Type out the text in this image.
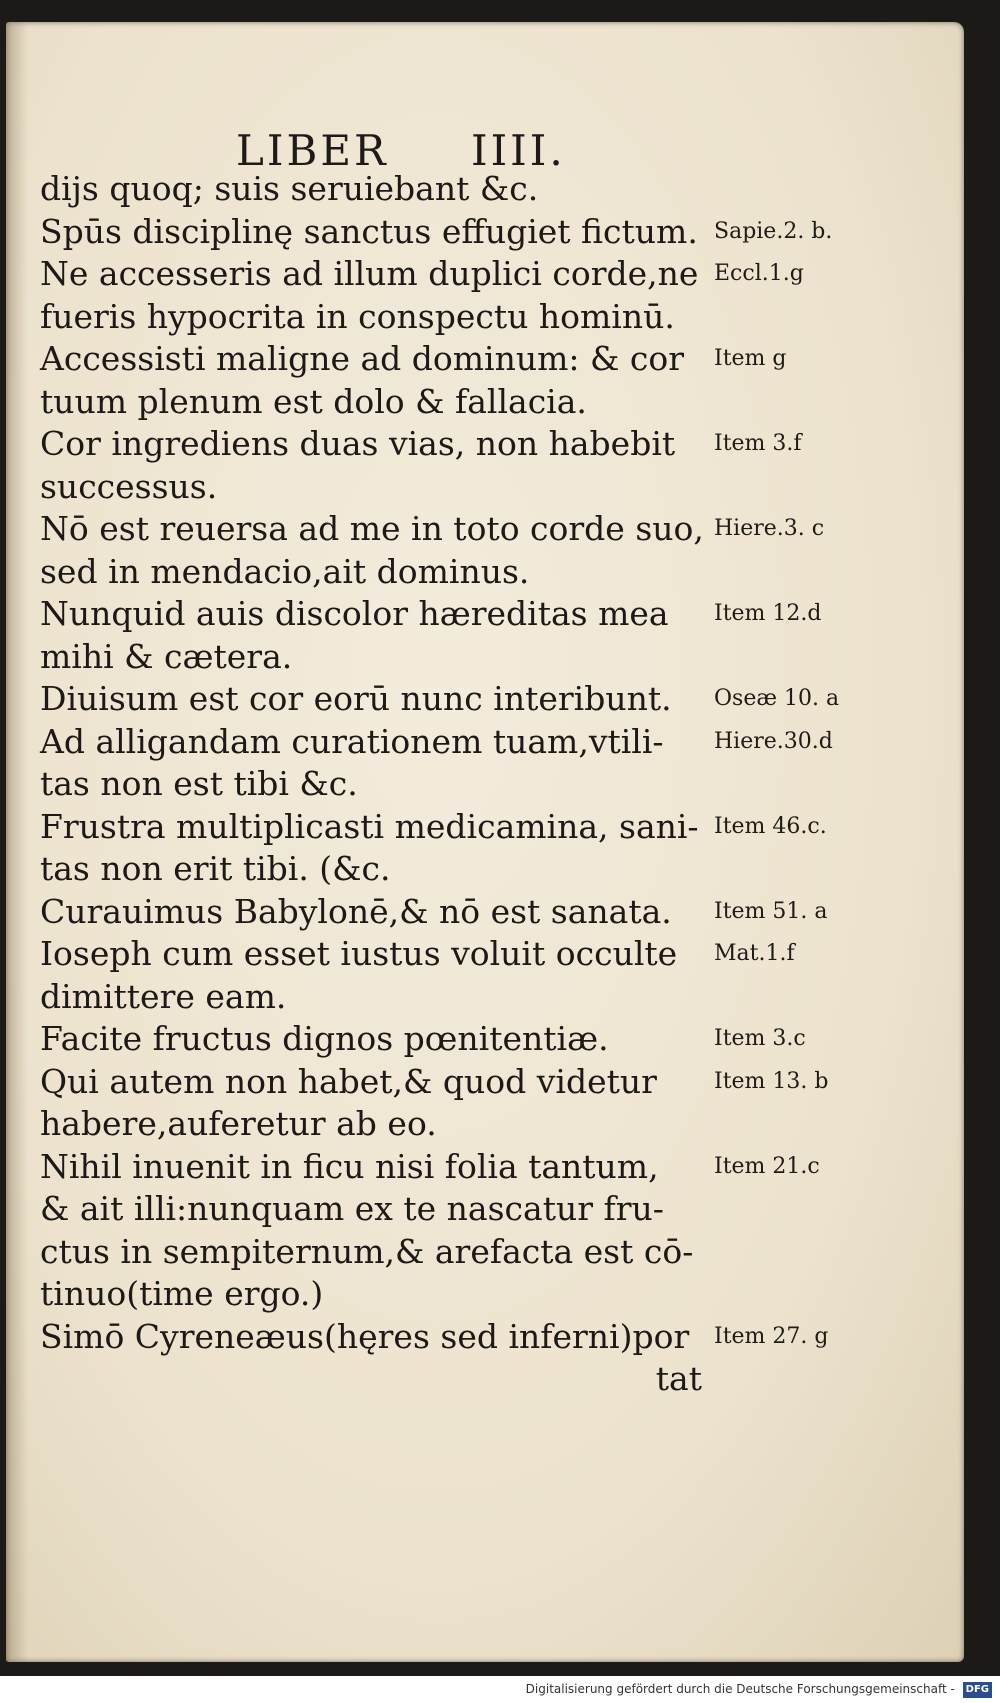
LIBER IIII.
dijs quoq; suis seruiebant &c.
Spūs disciplinę sanctus effugiet fictum.
Ne accesseris ad illum duplici corde,ne
fueris hypocrita in conspectu hominū.
Accessisti maligne ad dominum: & cor
tuum plenum est dolo & fallacia.
Cor ingrediens duas vias, non habebit
successus.
Nō est reuersa ad me in toto corde suo,
sed in mendacio,ait dominus.
Nunquid auis discolor hæreditas mea
mihi & cætera.
Diuisum est cor eorū nunc interibunt.
Ad alligandam curationem tuam,vtili-
tas non est tibi &c.
Frustra multiplicasti medicamina, sani-
tas non erit tibi. (&c.
Curauimus Babylonē,& nō est sanata.
Ioseph cum esset iustus voluit occulte
dimittere eam.
Facite fructus dignos pœnitentiæ.
Qui autem non habet,& quod videtur
habere,auferetur ab eo.
Nihil inuenit in ficu nisi folia tantum,
& ait illi:nunquam ex te nascatur fru-
ctus in sempiternum,& arefacta est cō-
tinuo(time ergo.)
Simō Cyreneæus(hęres sed inferni)por
tat
Sapie.2. b.
Eccl.1.g
Item g
Item 3.f
Hiere.3. c
Item 12.d
Oseæ 10. a
Hiere.30.d
Item 46.c.
Item 51. a
Mat.1.f
Item 3.c
Item 13. b
Item 21.c
Item 27. g
Digitalisierung gefördert durch die Deutsche Forschungsgemeinschaft - DFG
